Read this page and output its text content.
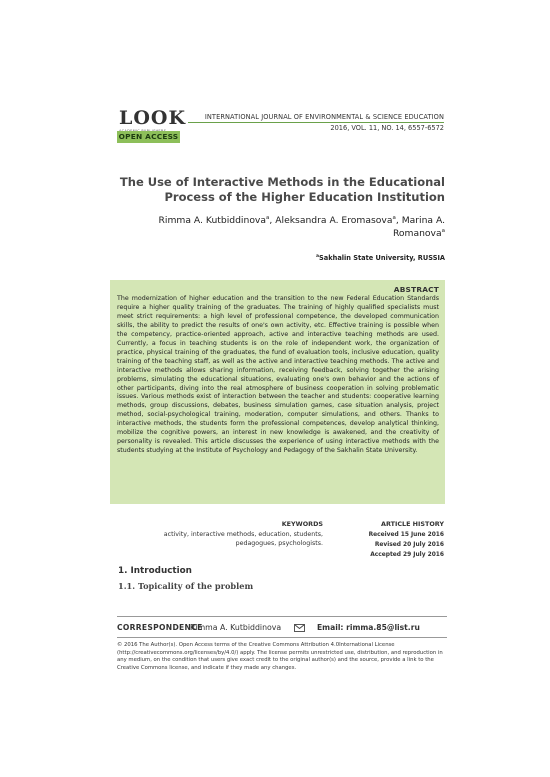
LOOK	INTERNATIONAL JOURNAL OF ENVIRONMENTAL & SCIENCE EDUCATION
2016, VOL. 11, NO. 14, 6557-6572
OPEN ACCESS
The Use of Interactive Methods in the Educational
Process of the Higher Education Institution
Rimma A. Kutbiddinova$^a$, Aleksandra A. Eromasova$^a$, Marina A.
Romanova$^a$
$^a$Sakhalin State University, RUSSIA
ABSTRACT
The modernization of higher education and the transition to the new Federal Education Standards require a higher quality training of the graduates. The training of highly qualified specialists must meet strict requirements: a high level of professional competence, the developed communication skills, the ability to predict the results of one's own activity, etc. Effective training is possible when the competency, practice-oriented approach, active and interactive teaching methods are used. Currently, a focus in teaching students is on the role of independent work, the organization of practice, physical training of the graduates, the fund of evaluation tools, inclusive education, quality training of the teaching staff, as well as the active and interactive teaching methods. The active and interactive methods allows sharing information, receiving feedback, solving together the arising problems, simulating the educational situations, evaluating one's own behavior and the actions of other participants, diving into the real atmosphere of business cooperation in solving problematic issues. Various methods exist of interaction between the teacher and students: cooperative learning methods, group discussions, debates, business simulation games, case situation analysis, project method, social-psychological training, moderation, computer simulations, and others. Thanks to interactive methods, the students form the professional competences, develop analytical thinking, mobilize the cognitive powers, an interest in new knowledge is awakened, and the creativity of personality is revealed. This article discusses the experience of using interactive methods with the students studying at the Institute of Psychology and Pedagogy of the Sakhalin State University.
KEYWORDS
activity, interactive methods, education, students, pedagogues, psychologists.
ARTICLE HISTORY
Received 15 June 2016
Revised 20 July 2016
Accepted 29 July 2016
1. Introduction
1.1. Topicality of the problem
CORRESPONDENCE
Rimma A. Kutbiddinova	Email: rimma.85@list.ru
© 2016 The Author(s). Open Access terms of the Creative Commons Attribution 4.0International License (http://creativecommons.org/licenses/by/4.0/) apply. The license permits unrestricted use, distribution, and reproduction in any medium, on the condition that users give exact credit to the original author(s) and the source, provide a link to the Creative Commons license, and indicate if they made any changes.
